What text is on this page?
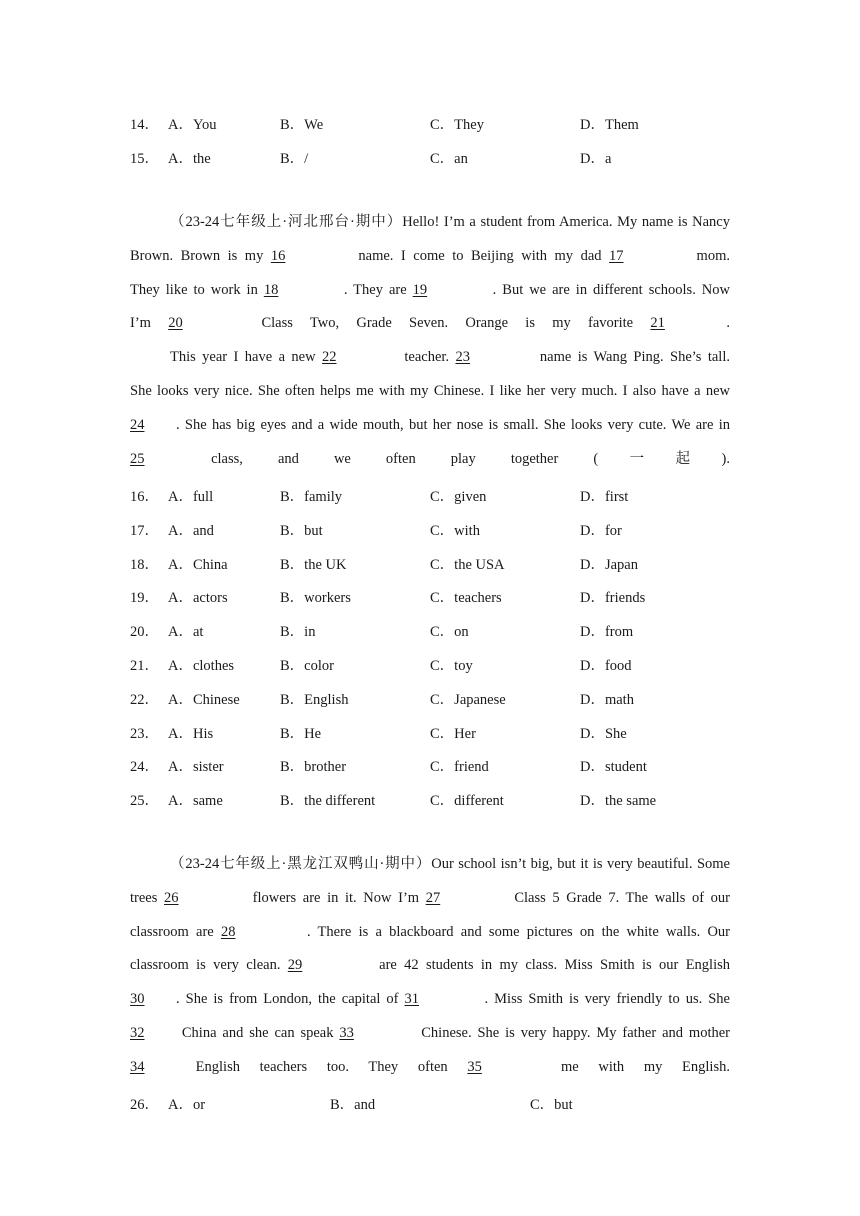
14． A．You	B．We	C．They	D．Them
15． A．the	B．/	C．an	D．a
（23-24七年级上·河北邢台·期中）Hello! I’m a student from America. My name is Nancy
Brown. Brown is my 16	name. I come to Beijing with my dad 17	mom.
They like to work in 18	. They are 19	. But we are in different schools. Now
I’m 20	Class Two, Grade Seven. Orange is my favorite 21	.
This year I have a new 22	teacher. 23	name is Wang Ping. She’s tall.
She looks very nice. She often helps me with my Chinese. I like her very much. I also have a new
24 . She has big eyes and a wide mouth, but her nose is small. She looks very cute. We are in
25 class, and we often play together (一起).
16． A．full	B．family	C．given	D．first
17． A．and	B．but	C．with	D．for
18． A．China	B．the UK	C．the USA	D．Japan
19． A．actors	B．workers	C．teachers	D．friends
20． A．at	B．in	C．on	D．from
21． A．clothes	B．color	C．toy	D．food
22． A．Chinese	B．English	C．Japanese	D．math
23． A．His	B．He	C．Her	D．She
24． A．sister	B．brother	C．friend	D．student
25． A．same	B．the different	C．different	D．the same
（23-24七年级上·黑龙江双鸭山·期中）Our school isn’t big, but it is very beautiful. Some
trees 26	flowers are in it. Now I’m 27	Class 5 Grade 7. The walls of our
classroom are 28	. There is a blackboard and some pictures on the white walls. Our
classroom is very clean. 29	are 42 students in my class. Miss Smith is our English
30 . She is from London, the capital of 31	. Miss Smith is very friendly to us. She
32 China and she can speak 33	Chinese. She is very happy. My father and mother
34 English teachers too. They often 35	me with my English.
26． A．or	B．and	C．but
